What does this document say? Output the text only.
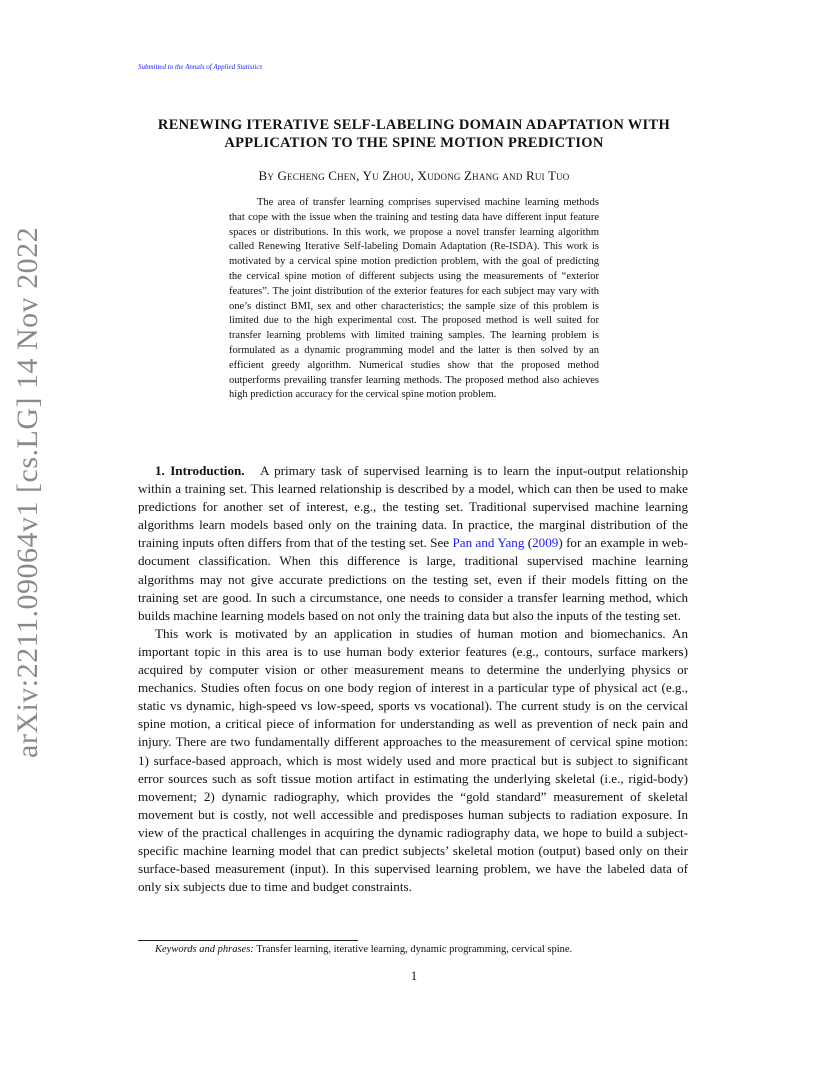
Submitted to the Annals of Applied Statistics
RENEWING ITERATIVE SELF-LABELING DOMAIN ADAPTATION WITH
APPLICATION TO THE SPINE MOTION PREDICTION
By Gecheng Chen, Yu Zhou, Xudong Zhang and Rui Tuo

The area of transfer learning comprises supervised machine learning methods that cope with the issue when the training and testing data have different input feature spaces or distributions. In this work, we propose a novel transfer learning algorithm called Renewing Iterative Self-labeling Domain Adaptation (Re-ISDA). This work is motivated by a cervical spine motion prediction problem, with the goal of predicting the cervical spine motion of different subjects using the measurements of “exterior features”. The joint distribution of the exterior features for each subject may vary with one’s distinct BMI, sex and other characteristics; the sample size of this problem is limited due to the high experimental cost. The proposed method is well suited for transfer learning problems with limited training samples. The learning problem is formulated as a dynamic programming model and the latter is then solved by an efficient greedy algorithm. Numerical studies show that the proposed method outperforms prevailing transfer learning methods. The proposed method also achieves high prediction accuracy for the cervical spine motion problem.

arXiv:2211.09064v1 [cs.LG] 14 Nov 2022	1. Introduction. A primary task of supervised learning is to learn the input-output relationship within a training set. This learned relationship is described by a model, which can then be used to make predictions for another set of interest, e.g., the testing set. Traditional supervised machine learning algorithms learn models based only on the training data. In practice, the marginal distribution of the training inputs often differs from that of the testing set. See Pan and Yang (2009) for an example in web-document classification. When this difference is large, traditional supervised machine learning algorithms may not give accurate predictions on the testing set, even if their models fitting on the training set are good. In such a circumstance, one needs to consider a transfer learning method, which builds machine learning models based on not only the training data but also the inputs of the testing set.

This work is motivated by an application in studies of human motion and biomechanics. An important topic in this area is to use human body exterior features (e.g., contours, surface markers) acquired by computer vision or other measurement means to determine the underlying physics or mechanics. Studies often focus on one body region of interest in a particular type of physical act (e.g., static vs dynamic, high-speed vs low-speed, sports vs vocational). The current study is on the cervical spine motion, a critical piece of information for understanding as well as prevention of neck pain and injury. There are two fundamentally different approaches to the measurement of cervical spine motion: 1) surface-based approach, which is most widely used and more practical but is subject to significant error sources such as soft tissue motion artifact in estimating the underlying skeletal (i.e., rigid-body) movement; 2) dynamic radiography, which provides the “gold standard” measurement of skeletal movement but is costly, not well accessible and predisposes human subjects to radiation exposure. In view of the practical challenges in acquiring the dynamic radiography data, we hope to build a subject-specific machine learning model that can predict subjects’ skeletal motion (output) based only on their surface-based measurement (input). In this supervised learning problem, we have the labeled data of only six subjects due to time and budget constraints.

Keywords and phrases: Transfer learning, iterative learning, dynamic programming, cervical spine.
1
